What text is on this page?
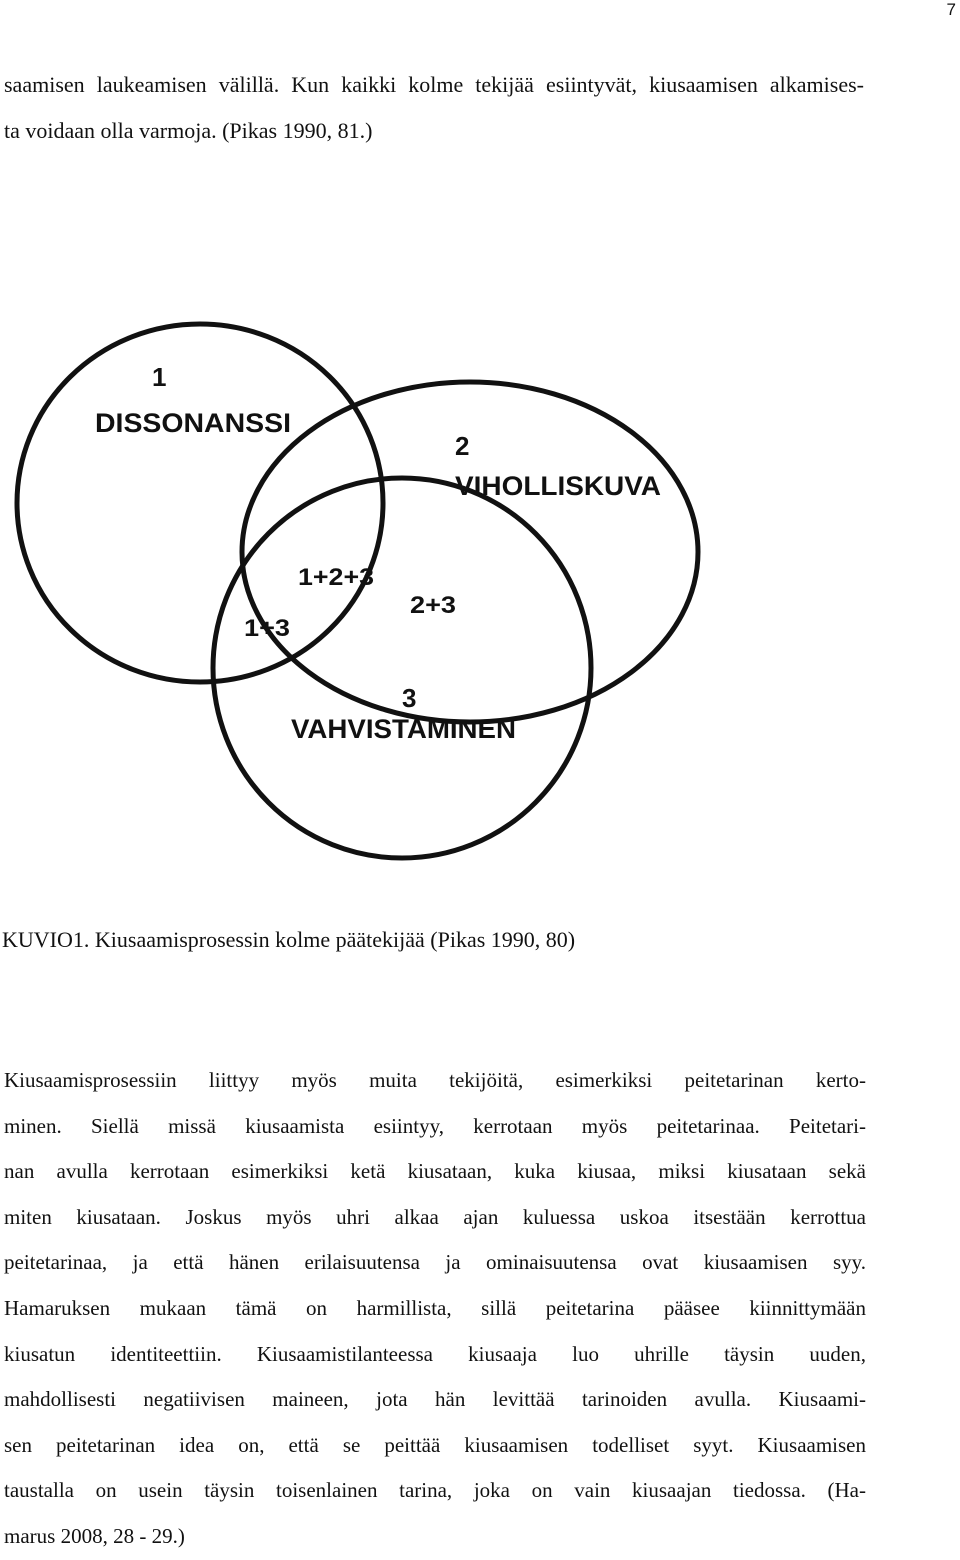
7
saamisen laukeamisen välillä. Kun kaikki kolme tekijää esiintyvät, kiusaamisen alkamises-
ta voidaan olla varmoja. (Pikas 1990, 81.)
1
DISSONANSSI
2
VIHOLLISKUVA
1+2+3
2+3
1+3
3
VAHVISTAMINEN

KUVIO1. Kiusaamisprosessin kolme päätekijää (Pikas 1990, 80)

Kiusaamisprosessiin liittyy myös muita tekijöitä, esimerkiksi peitetarinan kerto-
minen. Siellä missä kiusaamista esiintyy, kerrotaan myös peitetarinaa. Peitetari-
nan avulla kerrotaan esimerkiksi ketä kiusataan, kuka kiusaa, miksi kiusataan sekä
miten kiusataan. Joskus myös uhri alkaa ajan kuluessa uskoa itsestään kerrottua
peitetarinaa, ja että hänen erilaisuutensa ja ominaisuutensa ovat kiusaamisen syy.
Hamaruksen mukaan tämä on harmillista, sillä peitetarina pääsee kiinnittymään
kiusatun identiteettiin. Kiusaamistilanteessa kiusaaja luo uhrille täysin uuden,
mahdollisesti negatiivisen maineen, jota hän levittää tarinoiden avulla. Kiusaami-
sen peitetarinan idea on, että se peittää kiusaamisen todelliset syyt. Kiusaamisen
taustalla on usein täysin toisenlainen tarina, joka on vain kiusaajan tiedossa. (Ha-
marus 2008, 28 - 29.)
